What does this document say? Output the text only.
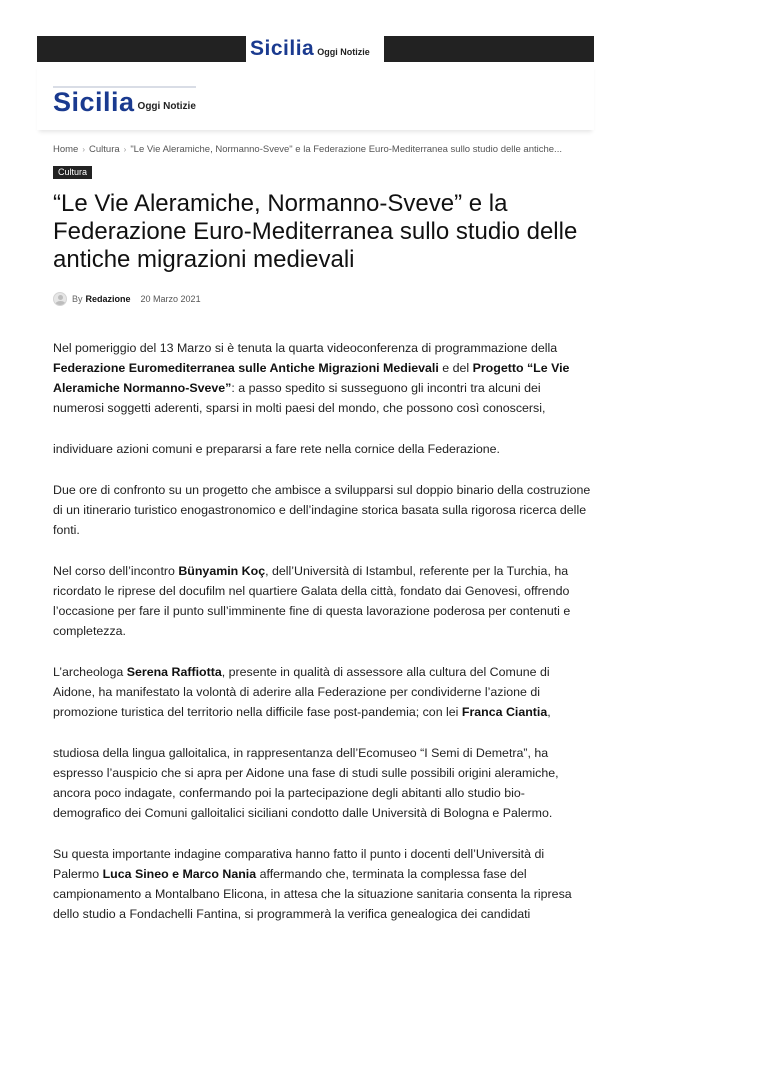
Sicilia Oggi Notizie
Sicilia Oggi Notizie
Home › Cultura › "Le Vie Aleramiche, Normanno-Sveve" e la Federazione Euro-Mediterranea sullo studio delle antiche...
Cultura
“Le Vie Aleramiche, Normanno-Sveve” e la Federazione Euro-Mediterranea sullo studio delle antiche migrazioni medievali
By Redazione 20 Marzo 2021

Nel pomeriggio del 13 Marzo si è tenuta la quarta videoconferenza di programmazione della Federazione Euromediterranea sulle Antiche Migrazioni Medievali e del Progetto “Le Vie Aleramiche Normanno-Sveve”: a passo spedito si susseguono gli incontri tra alcuni dei numerosi soggetti aderenti, sparsi in molti paesi del mondo, che possono così conoscersi,

individuare azioni comuni e prepararsi a fare rete nella cornice della Federazione.

Due ore di confronto su un progetto che ambisce a svilupparsi sul doppio binario della costruzione di un itinerario turistico enogastronomico e dell’indagine storica basata sulla rigorosa ricerca delle fonti.

Nel corso dell’incontro Bünyamin Koç, dell’Università di Istambul, referente per la Turchia, ha ricordato le riprese del docufilm nel quartiere Galata della città, fondato dai Genovesi, offrendo l’occasione per fare il punto sull’imminente fine di questa lavorazione poderosa per contenuti e completezza.

L’archeologa Serena Raffiotta, presente in qualità di assessore alla cultura del Comune di Aidone, ha manifestato la volontà di aderire alla Federazione per condividerne l’azione di promozione turistica del territorio nella difficile fase post-pandemia; con lei Franca Ciantia,

studiosa della lingua galloitalica, in rappresentanza dell’Ecomuseo “I Semi di Demetra”, ha espresso l’auspicio che si apra per Aidone una fase di studi sulle possibili origini aleramiche, ancora poco indagate, confermando poi la partecipazione degli abitanti allo studio bio-demografico dei Comuni galloitalici siciliani condotto dalle Università di Bologna e Palermo.

Su questa importante indagine comparativa hanno fatto il punto i docenti dell’Università di Palermo Luca Sineo e Marco Nania affermando che, terminata la complessa fase del campionamento a Montalbano Elicona, in attesa che la situazione sanitaria consenta la ripresa dello studio a Fondachelli Fantina, si programmerà la verifica genealogica dei candidati
